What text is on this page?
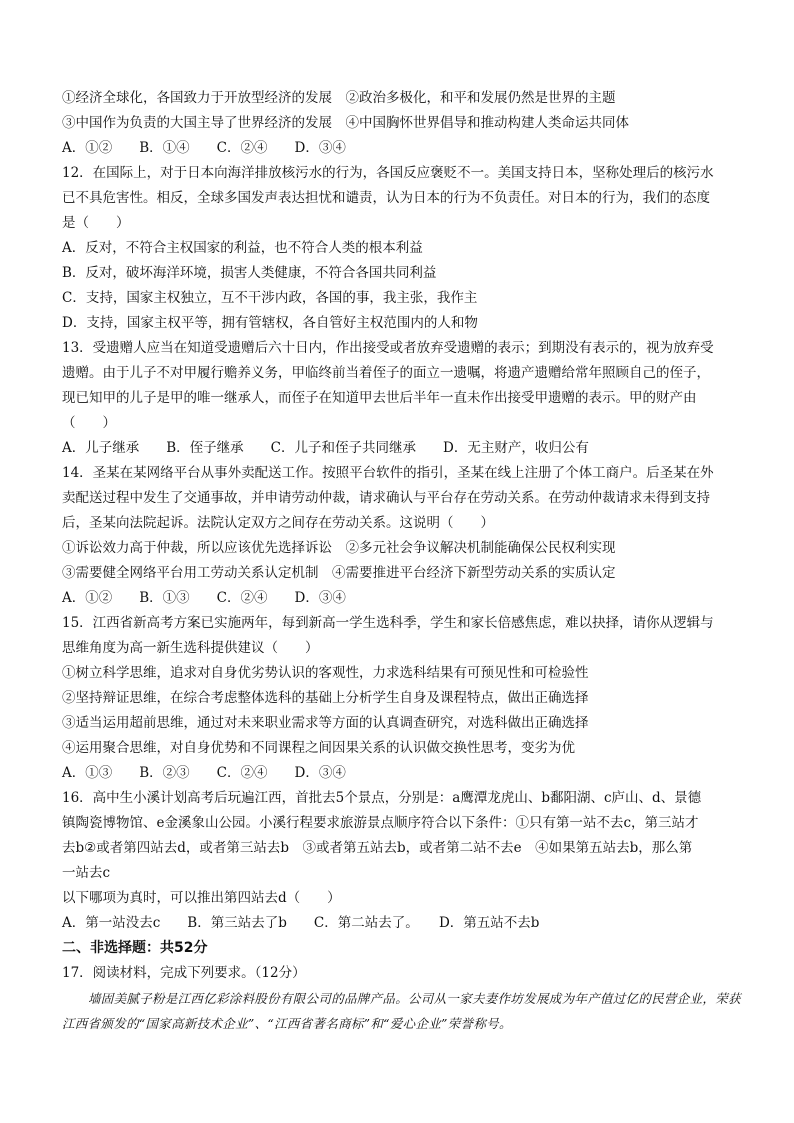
①经济全球化，各国致力于开放型经济的发展　②政治多极化，和平和发展仍然是世界的主题
③中国作为负责的大国主导了世界经济的发展　④中国胸怀世界倡导和推动构建人类命运共同体
A．①②　　B．①④　　C．②④　　D．③④
12．在国际上，对于日本向海洋排放核污水的行为，各国反应褒贬不一。美国支持日本，坚称处理后的核污水
已不具危害性。相反，全球多国发声表达担忧和谴责，认为日本的行为不负责任。对日本的行为，我们的态度
是（　　）
A．反对，不符合主权国家的利益，也不符合人类的根本利益
B．反对，破坏海洋环境，损害人类健康，不符合各国共同利益
C．支持，国家主权独立，互不干涉内政，各国的事，我主张，我作主
D．支持，国家主权平等，拥有管辖权，各自管好主权范围内的人和物
13．受遗赠人应当在知道受遗赠后六十日内，作出接受或者放弃受遗赠的表示；到期没有表示的，视为放弃受
遗赠。由于儿子不对甲履行赡养义务，甲临终前当着侄子的面立一遗嘱，将遗产遗赠给常年照顾自己的侄子，
现已知甲的儿子是甲的唯一继承人，而侄子在知道甲去世后半年一直未作出接受甲遗赠的表示。甲的财产由
（　　）
A．儿子继承　　B．侄子继承　　C．儿子和侄子共同继承　　D．无主财产，收归公有
14．圣某在某网络平台从事外卖配送工作。按照平台软件的指引，圣某在线上注册了个体工商户。后圣某在外
卖配送过程中发生了交通事故，并申请劳动仲裁，请求确认与平台存在劳动关系。在劳动仲裁请求未得到支持
后，圣某向法院起诉。法院认定双方之间存在劳动关系。这说明（　　）
①诉讼效力高于仲裁，所以应该优先选择诉讼　②多元社会争议解决机制能确保公民权利实现
③需要健全网络平台用工劳动关系认定机制　④需要推进平台经济下新型劳动关系的实质认定
A．①②　　B．①③　　C．②④　　D．③④
15．江西省新高考方案已实施两年，每到新高一学生选科季，学生和家长倍感焦虑，难以抉择，请你从逻辑与
思维角度为高一新生选科提供建议（　　）
①树立科学思维，追求对自身优劣势认识的客观性，力求选科结果有可预见性和可检验性
②坚持辩证思维，在综合考虑整体选科的基础上分析学生自身及课程特点，做出正确选择
③适当运用超前思维，通过对未来职业需求等方面的认真调查研究，对选科做出正确选择
④运用聚合思维，对自身优势和不同课程之间因果关系的认识做交换性思考，变劣为优
A．①③　　B．②③　　C．②④　　D．③④
16．高中生小溪计划高考后玩遍江西，首批去5个景点，分别是：a鹰潭龙虎山、b鄱阳湖、c庐山、d、景德
镇陶瓷博物馆、e金溪象山公园。小溪行程要求旅游景点顺序符合以下条件：①只有第一站不去c，第三站才
去b②或者第四站去d，或者第三站去b　③或者第五站去b，或者第二站不去e　④如果第五站去b，那么第
一站去c
以下哪项为真时，可以推出第四站去d（　　）
A．第一站没去c　　B．第三站去了b　　C．第二站去了。　　D．第五站不去b
二、非选择题：共52分
17．阅读材料，完成下列要求。（12分）
墙固美腻子粉是江西亿彩涂料股份有限公司的品牌产品。公司从一家夫妻作坊发展成为年产值过亿的民营企业，荣获江西省颁发的“国家高新技术企业”、“江西省著名商标”和“爱心企业”荣誉称号。
